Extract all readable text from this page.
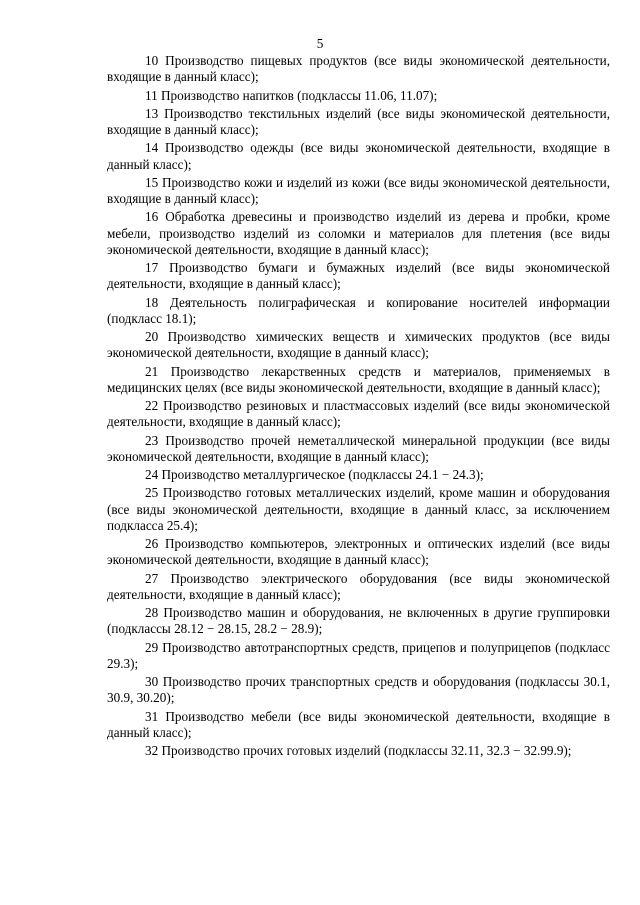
5

10 Производство пищевых продуктов (все виды экономической деятельности, входящие в данный класс);

11 Производство напитков (подклассы 11.06, 11.07);

13 Производство текстильных изделий (все виды экономической деятельности, входящие в данный класс);

14 Производство одежды (все виды экономической деятельности, входящие в данный класс);

15 Производство кожи и изделий из кожи (все виды экономической деятельности, входящие в данный класс);

16 Обработка древесины и производство изделий из дерева и пробки, кроме мебели, производство изделий из соломки и материалов для плетения (все виды экономической деятельности, входящие в данный класс);

17 Производство бумаги и бумажных изделий (все виды экономической деятельности, входящие в данный класс);

18 Деятельность полиграфическая и копирование носителей информации (подкласс 18.1);

20 Производство химических веществ и химических продуктов (все виды экономической деятельности, входящие в данный класс);

21 Производство лекарственных средств и материалов, применяемых в медицинских целях (все виды экономической деятельности, входящие в данный класс);

22 Производство резиновых и пластмассовых изделий (все виды экономической деятельности, входящие в данный класс);

23 Производство прочей неметаллической минеральной продукции (все виды экономической деятельности, входящие в данный класс);

24 Производство металлургическое (подклассы 24.1 − 24.3);

25 Производство готовых металлических изделий, кроме машин и оборудования (все виды экономической деятельности, входящие в данный класс, за исключением подкласса 25.4);

26 Производство компьютеров, электронных и оптических изделий (все виды экономической деятельности, входящие в данный класс);

27 Производство электрического оборудования (все виды экономической деятельности, входящие в данный класс);

28 Производство машин и оборудования, не включенных в другие группировки (подклассы 28.12 − 28.15, 28.2 − 28.9);

29 Производство автотранспортных средств, прицепов и полуприцепов (подкласс 29.3);

30 Производство прочих транспортных средств и оборудования (подклассы 30.1, 30.9, 30.20);

31 Производство мебели (все виды экономической деятельности, входящие в данный класс);

32 Производство прочих готовых изделий (подклассы 32.11, 32.3 − 32.99.9);
